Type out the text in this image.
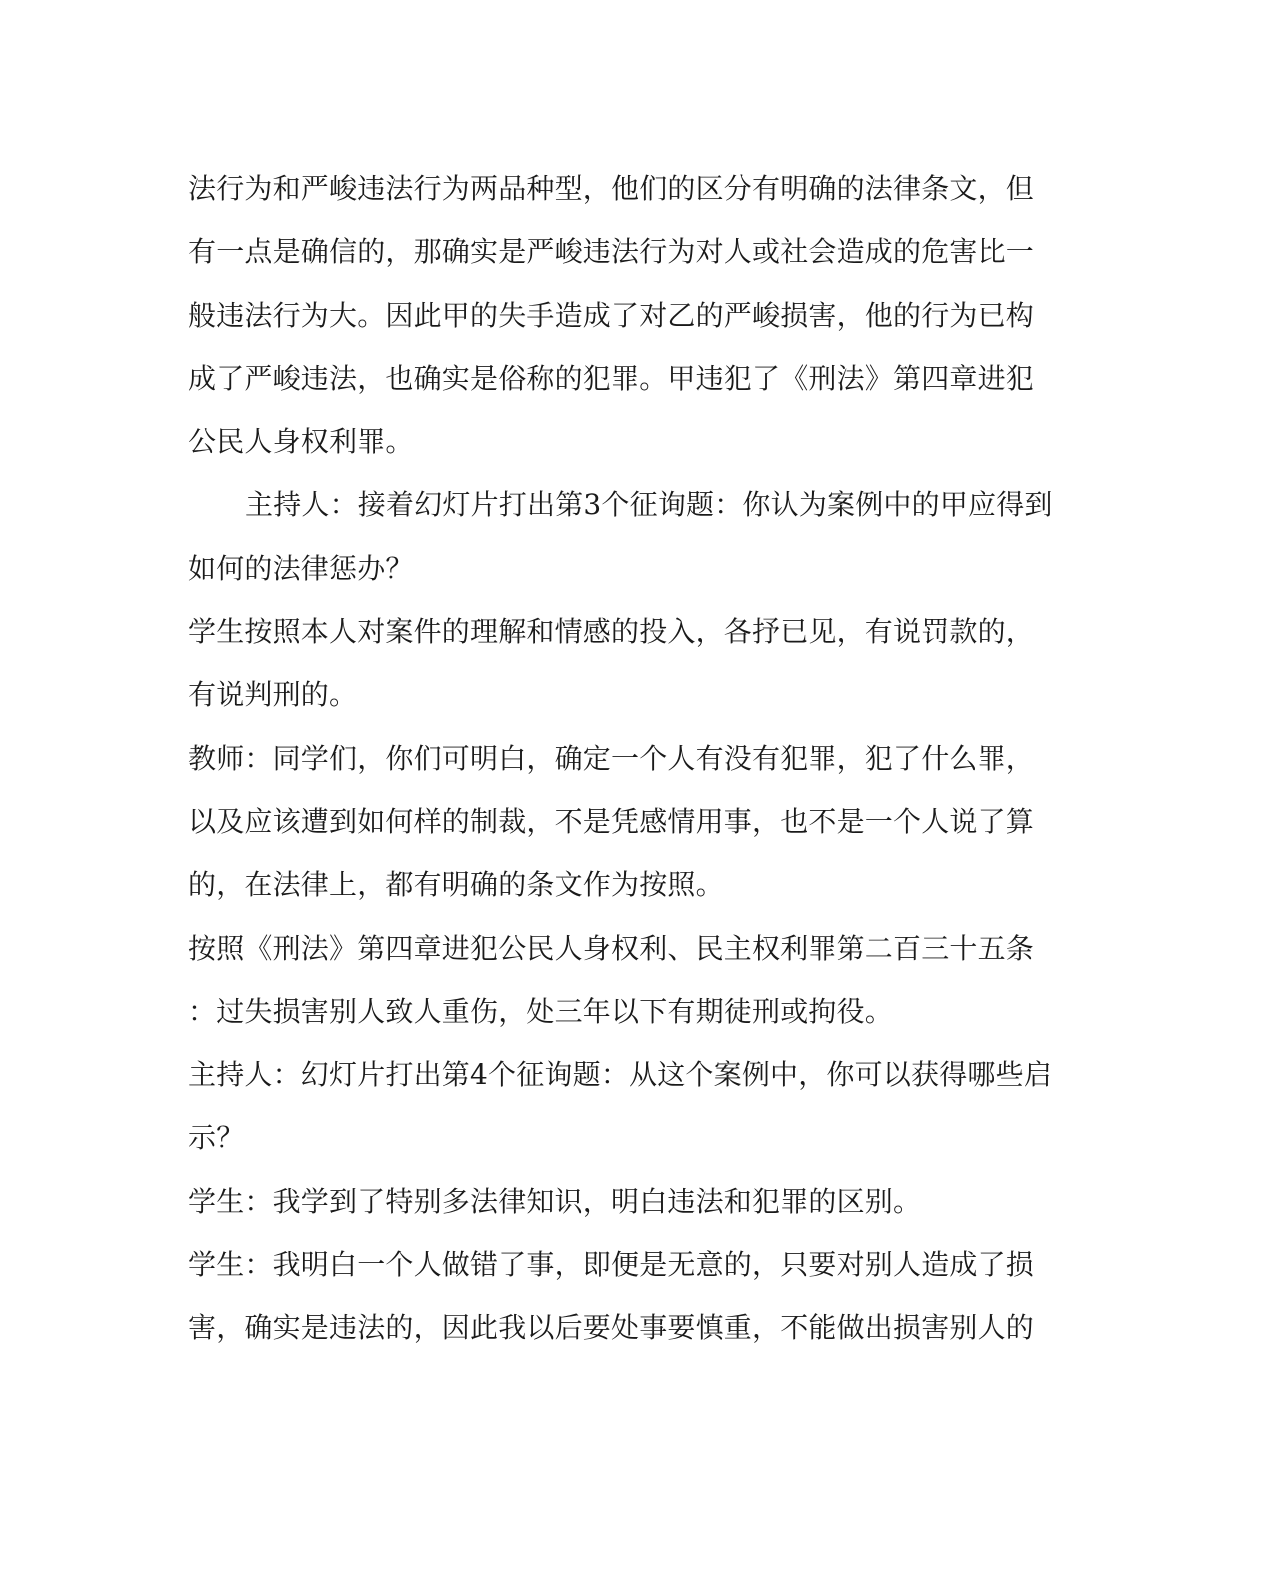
法行为和严峻违法行为两品种型，他们的区分有明确的法律条文，但
有一点是确信的，那确实是严峻违法行为对人或社会造成的危害比一
般违法行为大。因此甲的失手造成了对乙的严峻损害，他的行为已构
成了严峻违法，也确实是俗称的犯罪。甲违犯了《刑法》第四章进犯
公民人身权利罪。
主持人：接着幻灯片打出第3个征询题：你认为案例中的甲应得到
如何的法律惩办？
学生按照本人对案件的理解和情感的投入，各抒已见，有说罚款的，
有说判刑的。
教师：同学们，你们可明白，确定一个人有没有犯罪，犯了什么罪，
以及应该遭到如何样的制裁，不是凭感情用事，也不是一个人说了算
的，在法律上，都有明确的条文作为按照。
按照《刑法》第四章进犯公民人身权利、民主权利罪第二百三十五条
：过失损害别人致人重伤，处三年以下有期徒刑或拘役。
主持人：幻灯片打出第4个征询题：从这个案例中，你可以获得哪些启
示？
学生：我学到了特别多法律知识，明白违法和犯罪的区别。
学生：我明白一个人做错了事，即便是无意的，只要对别人造成了损
害，确实是违法的，因此我以后要处事要慎重，不能做出损害别人的
